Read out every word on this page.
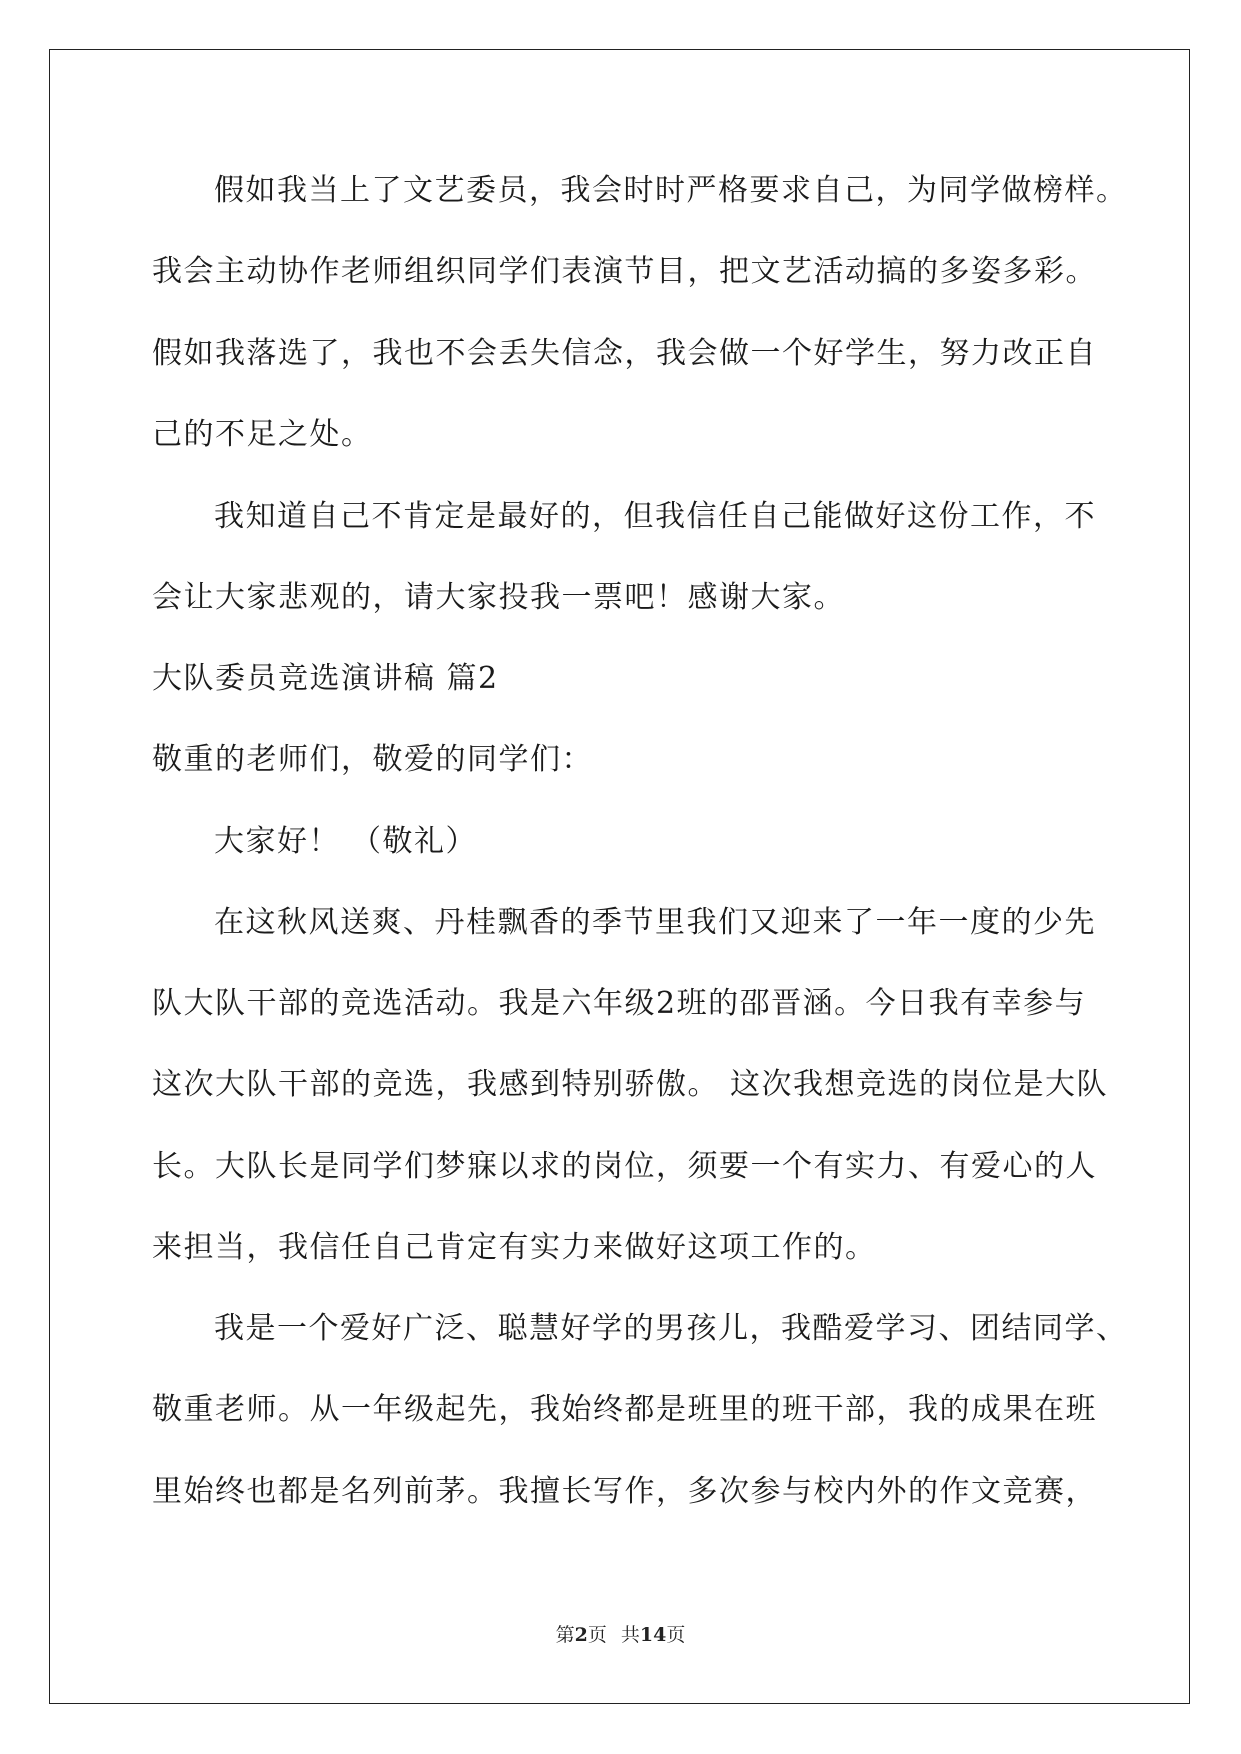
假如我当上了文艺委员，我会时时严格要求自己，为同学做榜样。
我会主动协作老师组织同学们表演节目，把文艺活动搞的多姿多彩。
假如我落选了，我也不会丢失信念，我会做一个好学生，努力改正自
己的不足之处。
我知道自己不肯定是最好的，但我信任自己能做好这份工作，不
会让大家悲观的，请大家投我一票吧！感谢大家。
大队委员竞选演讲稿 篇2
敬重的老师们，敬爱的同学们：
大家好！ （敬礼）
在这秋风送爽、丹桂飘香的季节里我们又迎来了一年一度的少先
队大队干部的竞选活动。我是六年级2班的邵晋涵。今日我有幸参与
这次大队干部的竞选，我感到特别骄傲。 这次我想竞选的岗位是大队
长。大队长是同学们梦寐以求的岗位，须要一个有实力、有爱心的人
来担当，我信任自己肯定有实力来做好这项工作的。
我是一个爱好广泛、聪慧好学的男孩儿，我酷爱学习、团结同学、
敬重老师。从一年级起先，我始终都是班里的班干部，我的成果在班
里始终也都是名列前茅。我擅长写作，多次参与校内外的作文竞赛，
第2页 共14页
